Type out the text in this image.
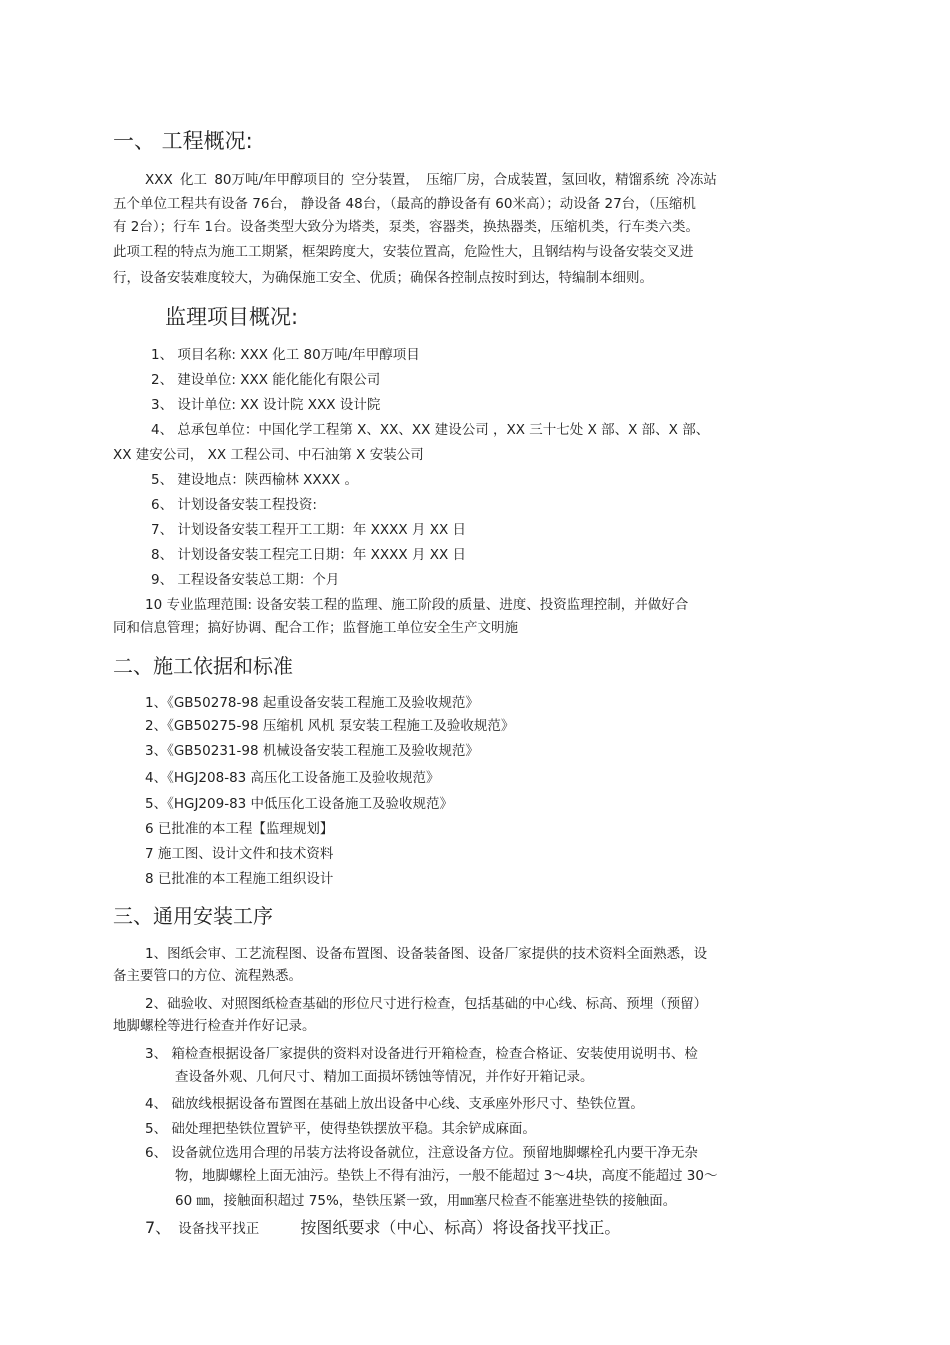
一、 工程概况:
XXX 化工 80万吨/年甲醇项目的 空分装置， 压缩厂房，合成装置，氢回收，精馏系统 冷冻站
五个单位工程共有设备 76台， 静设备 48台，（最高的静设备有 60米高）；动设备 27台，（压缩机
有 2台）；行车 1台。设备类型大致分为塔类，泵类，容器类，换热器类，压缩机类，行车类六类。
此项工程的特点为施工工期紧，框架跨度大，安装位置高，危险性大，且钢结构与设备安装交叉进
行，设备安装难度较大，为确保施工安全、优质；确保各控制点按时到达，特编制本细则。
监理项目概况:
1、 项目名称: XXX 化工 80万吨/年甲醇项目
2、 建设单位: XXX 能化能化有限公司
3、 设计单位: XX 设计院 XXX 设计院
4、 总承包单位：中国化学工程第 X、XX、XX 建设公司 ，XX 三十七处 X 部、X 部、X 部、
XX 建安公司， XX 工程公司、中石油第 X 安装公司
5、 建设地点：陕西榆林 XXXX 。
6、 计划设备安装工程投资:
7、 计划设备安装工程开工工期：年 XXXX 月 XX 日
8、 计划设备安装工程完工日期：年 XXXX 月 XX 日
9、 工程设备安装总工期：个月
10 专业监理范围: 设备安装工程的监理、施工阶段的质量、进度、投资监理控制，并做好合
同和信息管理；搞好协调、配合工作；监督施工单位安全生产文明施
二、施工依据和标准
1、《GB50278-98 起重设备安装工程施工及验收规范》
2、《GB50275-98 压缩机 风机 泵安装工程施工及验收规范》
3、《GB50231-98 机械设备安装工程施工及验收规范》
4、《HGJ208-83 高压化工设备施工及验收规范》
5、《HGJ209-83 中低压化工设备施工及验收规范》
6 已批准的本工程【监理规划】
7 施工图、设计文件和技术资料
8 已批准的本工程施工组织设计
三、通用安装工序
1、图纸会审、工艺流程图、设备布置图、设备装备图、设备厂家提供的技术资料全面熟悉，设
备主要管口的方位、流程熟悉。
2、础验收、对照图纸检查基础的形位尺寸进行检查，包括基础的中心线、标高、预埋（预留）
地脚螺栓等进行检查并作好记录。
3、 箱检查根据设备厂家提供的资料对设备进行开箱检查，检查合格证、安装使用说明书、检
查设备外观、几何尺寸、精加工面损坏锈蚀等情况，并作好开箱记录。
4、 础放线根据设备布置图在基础上放出设备中心线、支承座外形尺寸、垫铁位置。
5、 础处理把垫铁位置铲平，使得垫铁摆放平稳。其余铲成麻面。
6、 设备就位选用合理的吊装方法将设备就位，注意设备方位。预留地脚螺栓孔内要干净无杂
物，地脚螺栓上面无油污。垫铁上不得有油污，一般不能超过 3～4块，高度不能超过 30～
60 ㎜，接触面积超过 75%，垫铁压紧一致，用㎜塞尺检查不能塞进垫铁的接触面。
7、 设备找平找正	按图纸要求（中心、标高）将设备找平找正。
